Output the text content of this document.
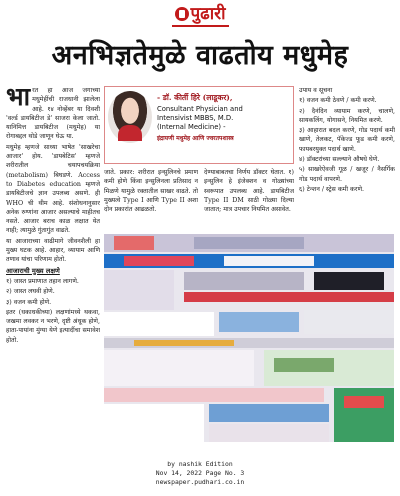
पुढारी
अनभिज्ञतेमुळे वाढतोय मधुमेह
भा रत हा आज जगाच्या मधुमेहींची राजधानी झालेला आहे. १४ नोव्हेंबर या दिवशी 'वर्ल्ड डायबिटीज डे' साजरा केला जातो. यानिमित्त डायबिटीज (मधुमेह) या रोगाबद्दल थोडे जाणून घेऊ या.

मधुमेह म्हणजे साध्या भाषेत 'साखरेचा आजार' होय. 'डायबेटिस' म्हणजे शरीरातील चयापचयक्रिया (metabolism) बिघडणे. Access to Diabetes education म्हणजे डायबिटीजचे ज्ञान उपलब्ध असणे. ही WHO ची थीम आहे. संशोधनानुसार अनेक रुग्णांना आजार असल्याचे माहीतच नसते. आजार बराच काळ लक्षात येत नाही; त्यामुळे गुंतागुंत वाढते.

या आजाराच्या वाढीमागे जीवनशैली हा मुख्य घटक आहे. आहार, व्यायाम आणि तणाव यांचा परिणाम होतो.

आजाराची मुख्य लक्षणे

१) जास्त प्रमाणात तहान लागणे.

२) जास्त लघवी होणे.

३) वजन कमी होणे.

इतर (धकाधकीच्या) लक्षणांमध्ये थकवा, जखमा लवकर न भरणे, दृष्टी अंधूक होणे, हाता-पायांना मुंग्या येणे इत्यादींचा समावेश होतो.

- डॉ. कीर्ती हिरे (लाडूकर),
Consultant Physician and
Intensivist MBBS, M.D.
(Internal Medicine) -
इंद्रायणी मधुमेह आणि ज्वरतपशास्त्र

जाते. प्रकार: शरीरात इन्सुलिनचे प्रमाण कमी होणे किंवा इन्सुलिनला प्रतिसाद न मिळणे यामुळे रक्तातील साखर वाढते. तो मुख्यत्वे Type I आणि Type II अशा दोन प्रकारांत आढळतो.

देण्याबाबतचा निर्णय डॉक्टर घेतात. १) इन्सुलिन हे इंजेक्शन व गोळ्यांच्या स्वरूपात उपलब्ध आहे. डायबिटीज Type II DM साठी गोळ्या दिल्या जातात; मात्र उपचार नियमित असावेत.

उपाय व सूचना

१) वजन कमी ठेवणे / कमी करणे.

२) दैनंदिन व्यायाम करणे, चालणे, सायकलिंग, योगासने, नियमित करणे.

३) आहारात बदल करणे, गोड पदार्थ कमी खाणे, तेलकट, पॅकेज्ड फूड कमी करणे, फायबरयुक्त पदार्थ खाणे.

४) डॉक्टरांच्या सल्ल्याने औषधे घेणे.

५) साखरेऐवजी गूळ / खजूर / नैसर्गिक गोड पदार्थ वापरणे.

६) टेन्शन / स्ट्रेस कमी करणे.

by nashik Edition
Nov 14, 2022 Page No. 3
newspaper.pudhari.co.in
